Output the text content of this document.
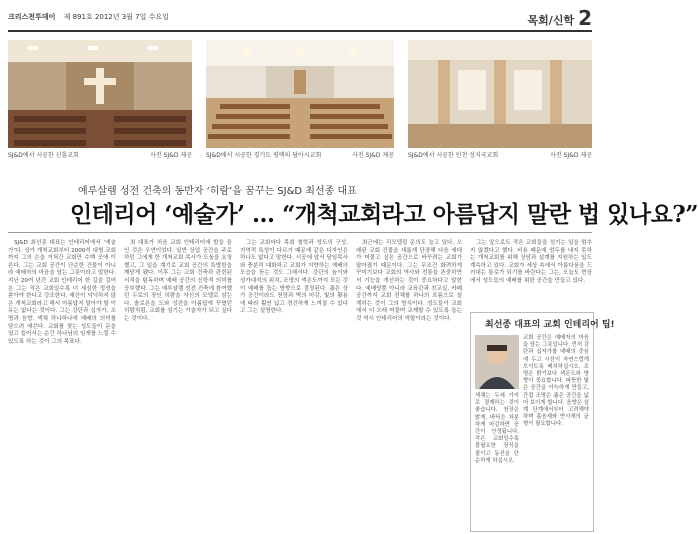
크리스천투데이 제 891호 2012년 3월 7일 수요일	목회/신학 2
SJ&D에서 시공한 신흥교회	사진 SJ&D 제공 SJ&D에서 시공한 경기도 평택의 담아시교회	사진 SJ&D 제공 SJ&D에서 시공한 인천 성지국교회	사진 SJ&D 제공
예루살렘 성전 건축의 동반자 ‘히람’을 꿈꾸는 SJ&D 최선종 대표
인테리어 ‘예술가’ … “개척교회라고 아름답지 말란 법 있나요?”

SJ&D 최선종 대표는 인테리어에서 ‘예술가’다. 상가 개척교회부터 2000석 대형 교회까지 그의 손을 거쳐간 교회만 수백 곳에 이른다. 그는 교회 공간이 단순한 건물이 아니라 예배자의 마음을 담는 그릇이라고 말한다. 지난 20여 년간 교회 인테리어 한 길을 걸어온 그는 작은 교회일수록 더 세심한 정성을 쏟아야 한다고 강조한다. 예산이 넉넉하지 않은 개척교회라고 해서 아름답지 말아야 할 이유는 없다는 것이다. 그는 강단과 십자가, 조명과 음향, 색채 하나하나에 예배의 의미를 담으려 애쓴다. 교회를 찾는 성도들이 문을 열고 들어서는 순간 하나님의 임재를 느낄 수 있도록 하는 것이 그의 목표다.

최 대표가 처음 교회 인테리어에 발을 들인 것은 우연이었다. 일반 상업 공간을 주로 하던 그에게 한 개척교회 목사가 도움을 요청했고, 그 일을 계기로 교회 공간의 특별함을 깨닫게 됐다. 이후 그는 교회 건축과 관련된 서적을 탐독하며 예배 공간의 신학적 의미를 공부했다. 그는 예루살렘 성전 건축에 참여했던 두로의 장인 히람을 자신의 모델로 삼는다. 솔로몬을 도와 성전을 아름답게 꾸몄던 히람처럼, 교회를 섬기는 기술자가 되고 싶다는 것이다.

그는 교회마다 목회 철학과 성도의 구성, 지역적 특성이 다르기 때문에 같은 디자인은 하나도 없다고 말한다. 시공에 앞서 담임목사와 충분히 대화하고 교회가 지향하는 예배의 모습을 듣는 것도 그래서다. 강단의 높이와 성가대석의 위치, 조명의 색온도까지 모든 것이 예배를 돕는 방향으로 결정된다. 좁은 상가 공간이라도 천장과 벽의 마감, 빛의 활용에 따라 훨씬 넓고 경건하게 느껴질 수 있다고 그는 설명한다.

최근에는 리모델링 문의도 늘고 있다. 오래된 교회 건물을 새롭게 단장해 다음 세대가 머물고 싶은 공간으로 바꾸려는 교회가 많아졌기 때문이다. 그는 무조건 화려하게 꾸미기보다 교회의 역사와 전통을 존중하면서 기능을 개선하는 것이 중요하다고 말한다. 예배당뿐 아니라 교육관과 친교실, 카페 공간까지 교회 전체를 하나의 흐름으로 설계하는 것이 그의 방식이다. 성도들이 교회에서 더 오래 머물며 교제할 수 있도록 돕는 것 역시 인테리어의 역할이라는 것이다.

그는 앞으로도 작은 교회들을 섬기는 일을 멈추지 않겠다고 했다. 비용 때문에 엄두를 내지 못하는 개척교회를 위해 상담과 설계를 지원하는 일도 계속하고 있다. 교회가 세상 속에서 아름다움을 드러내는 통로가 되기를 바란다는 그는, 오늘도 현장에서 성도들의 예배를 위한 공간을 만들고 있다.

최선종 대표의 교회 인테리어 팁!
교회 공간은 예배자의 마음을 담는 그릇입니다. 먼저 강단과 십자가를 예배의 중심에 두고 시선이 자연스럽게 모이도록 배치하십시오. 조명은 밝기보다 색온도와 방향이 중요합니다. 따뜻한 빛은 공간을 아늑하게 만들고, 간접 조명은 좁은 공간을 넓어 보이게 합니다. 음향은 설계 단계에서부터 고려해야 하며 흡음재와 반사재의 균형이 필요합니다.
색채는 두세 가지로 절제하는 것이 좋습니다. 천장은 밝게, 바닥은 차분하게 마감하면 공간이 안정됩니다. 작은 교회일수록 불필요한 장식을 줄이고 동선을 단순하게 하십시오.
